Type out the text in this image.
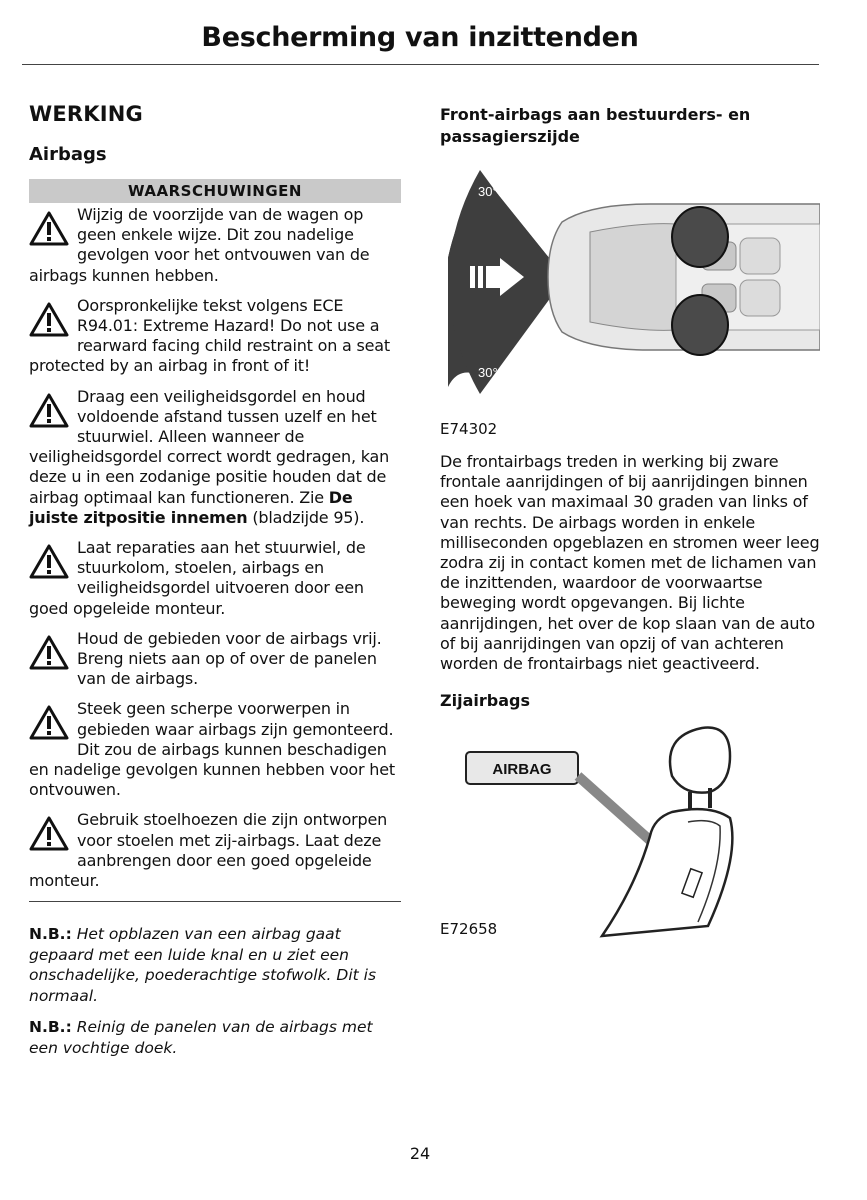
Bescherming van inzittenden
WERKING
Airbags
WAARSCHUWINGEN

Wijzig de voorzijde van de wagen op geen enkele wijze. Dit zou nadelige gevolgen voor het ontvouwen van de airbags kunnen hebben.

Oorspronkelijke tekst volgens ECE R94.01: Extreme Hazard! Do not use a rearward facing child restraint on a seat protected by an airbag in front of it!

Draag een veiligheidsgordel en houd voldoende afstand tussen uzelf en het stuurwiel. Alleen wanneer de veiligheidsgordel correct wordt gedragen, kan deze u in een zodanige positie houden dat de airbag optimaal kan functioneren. Zie De juiste zitpositie innemen (bladzijde 95).

Laat reparaties aan het stuurwiel, de stuurkolom, stoelen, airbags en veiligheidsgordel uitvoeren door een goed opgeleide monteur.

Houd de gebieden voor de airbags vrij. Breng niets aan op of over de panelen van de airbags.

Steek geen scherpe voorwerpen in gebieden waar airbags zijn gemonteerd. Dit zou de airbags kunnen beschadigen en nadelige gevolgen kunnen hebben voor het ontvouwen.

Gebruik stoelhoezen die zijn ontworpen voor stoelen met zij-airbags. Laat deze aanbrengen door een goed opgeleide monteur.

N.B.: Het opblazen van een airbag gaat gepaard met een luide knal en u ziet een onschadelijke, poederachtige stofwolk. Dit is normaal.

N.B.: Reinig de panelen van de airbags met een vochtige doek.

Front-airbags aan bestuurders- en passagierszijde
30°
30°

E74302

De frontairbags treden in werking bij zware frontale aanrijdingen of bij aanrijdingen binnen een hoek van maximaal 30 graden van links of van rechts. De airbags worden in enkele milliseconden opgeblazen en stromen weer leeg zodra zij in contact komen met de lichamen van de inzittenden, waardoor de voorwaartse beweging wordt opgevangen. Bij lichte aanrijdingen, het over de kop slaan van de auto of bij aanrijdingen van opzij of van achteren worden de frontairbags niet geactiveerd.

Zijairbags
AIRBAG

E72658

24
